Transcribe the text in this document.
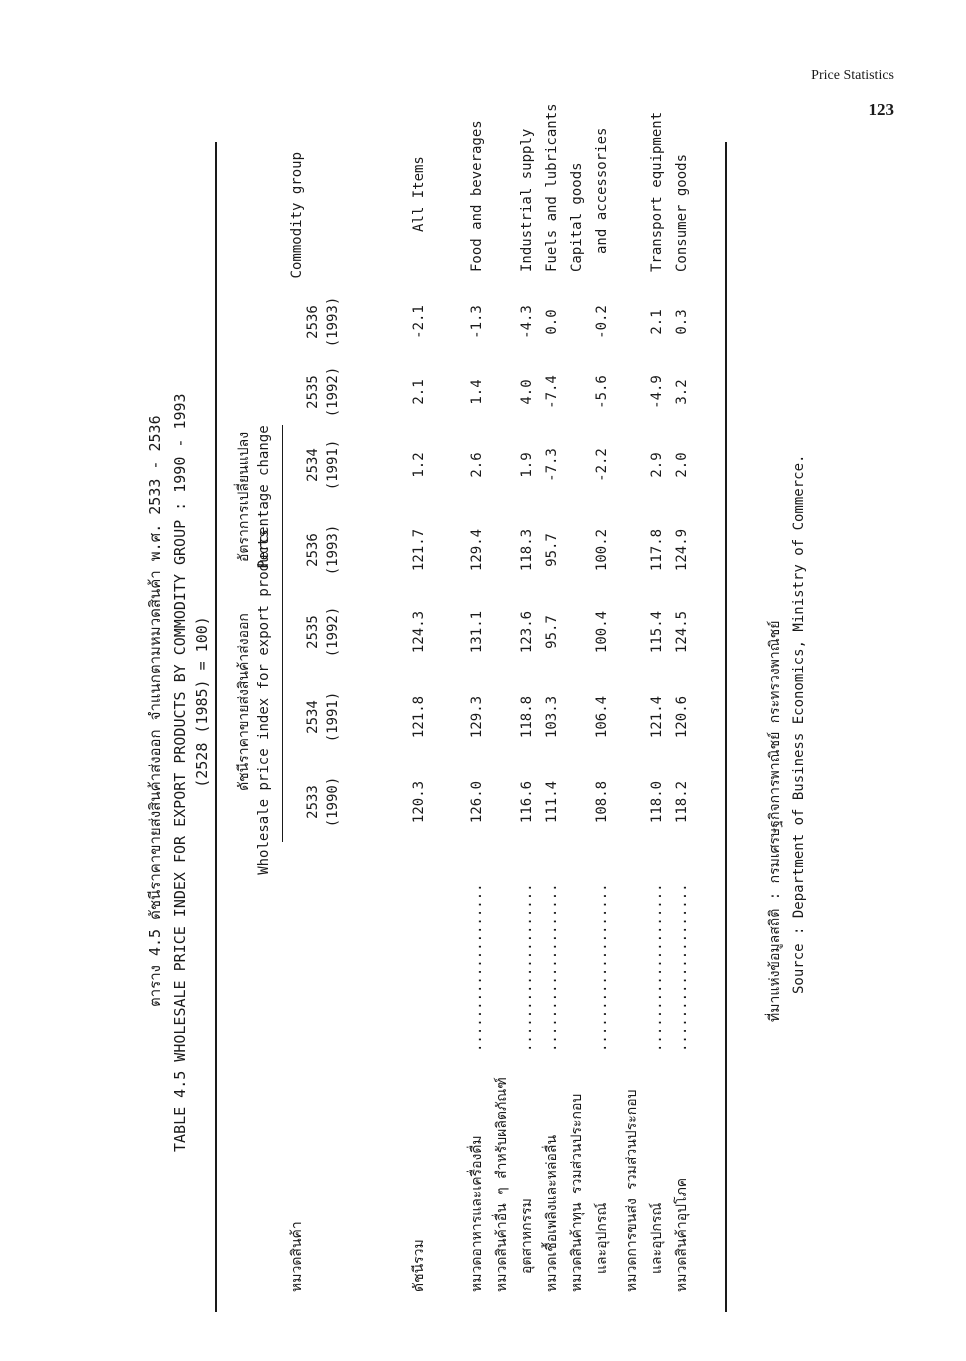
Price Statistics
123
ตาราง 4.5 ดัชนีราคาขายส่งสินค้าส่งออก จำแนกตามหมวดสินค้า พ.ศ. 2533 - 2536 TABLE 4.5 WHOLESALE PRICE INDEX FOR EXPORT PRODUCTS BY COMMODITY GROUP : 1990 - 1993 (2528 (1985) = 100)
หมวดสินค้า
Commodity group
ดัชนีราคาขายส่งสินค้าส่งออก Wholesale price index for export products
อัตราการเปลี่ยนแปลง Percentage change
2533 (1990)
2534 (1991)
2535 (1992)
2536 (1993)
2534 (1991)
2535 (1992)
2536 (1993)
ดัชนีรวม
120.3
121.8
124.3
121.7
1.2
2.1
-2.1
All Items
หมวดอาหารและเครื่องดื่ม
....................
126.0
129.3
131.1
129.4
2.6
1.4
-1.3
Food and beverages
หมวดสินค้าอื่น ๆ สำหรับผลิตภัณฑ์ อุตสาหกรรม
....................
116.6
118.8
123.6
118.3
1.9
4.0
-4.3
Industrial supply
หมวดเชื้อเพลิงและหล่อลื่น
....................
111.4
103.3
95.7
95.7
-7.3
-7.4
0.0
Fuels and lubricants
หมวดสินค้าทุน รวมส่วนประกอบ และอุปกรณ์
....................
108.8
106.4
100.4
100.2
-2.2
-5.6
-0.2
Capital goods and accessories
หมวดการขนส่ง รวมส่วนประกอบ และอุปกรณ์
....................
118.0
121.4
115.4
117.8
2.9
-4.9
2.1
Transport equipment
หมวดสินค้าอุปโภค
....................
118.2
120.6
124.5
124.9
2.0
3.2
0.3
Consumer goods
ที่มาแห่งข้อมูลสถิติ : กรมเศรษฐกิจการพาณิชย์ กระทรวงพาณิชย์ Source : Department of Business Economics, Ministry of Commerce.
